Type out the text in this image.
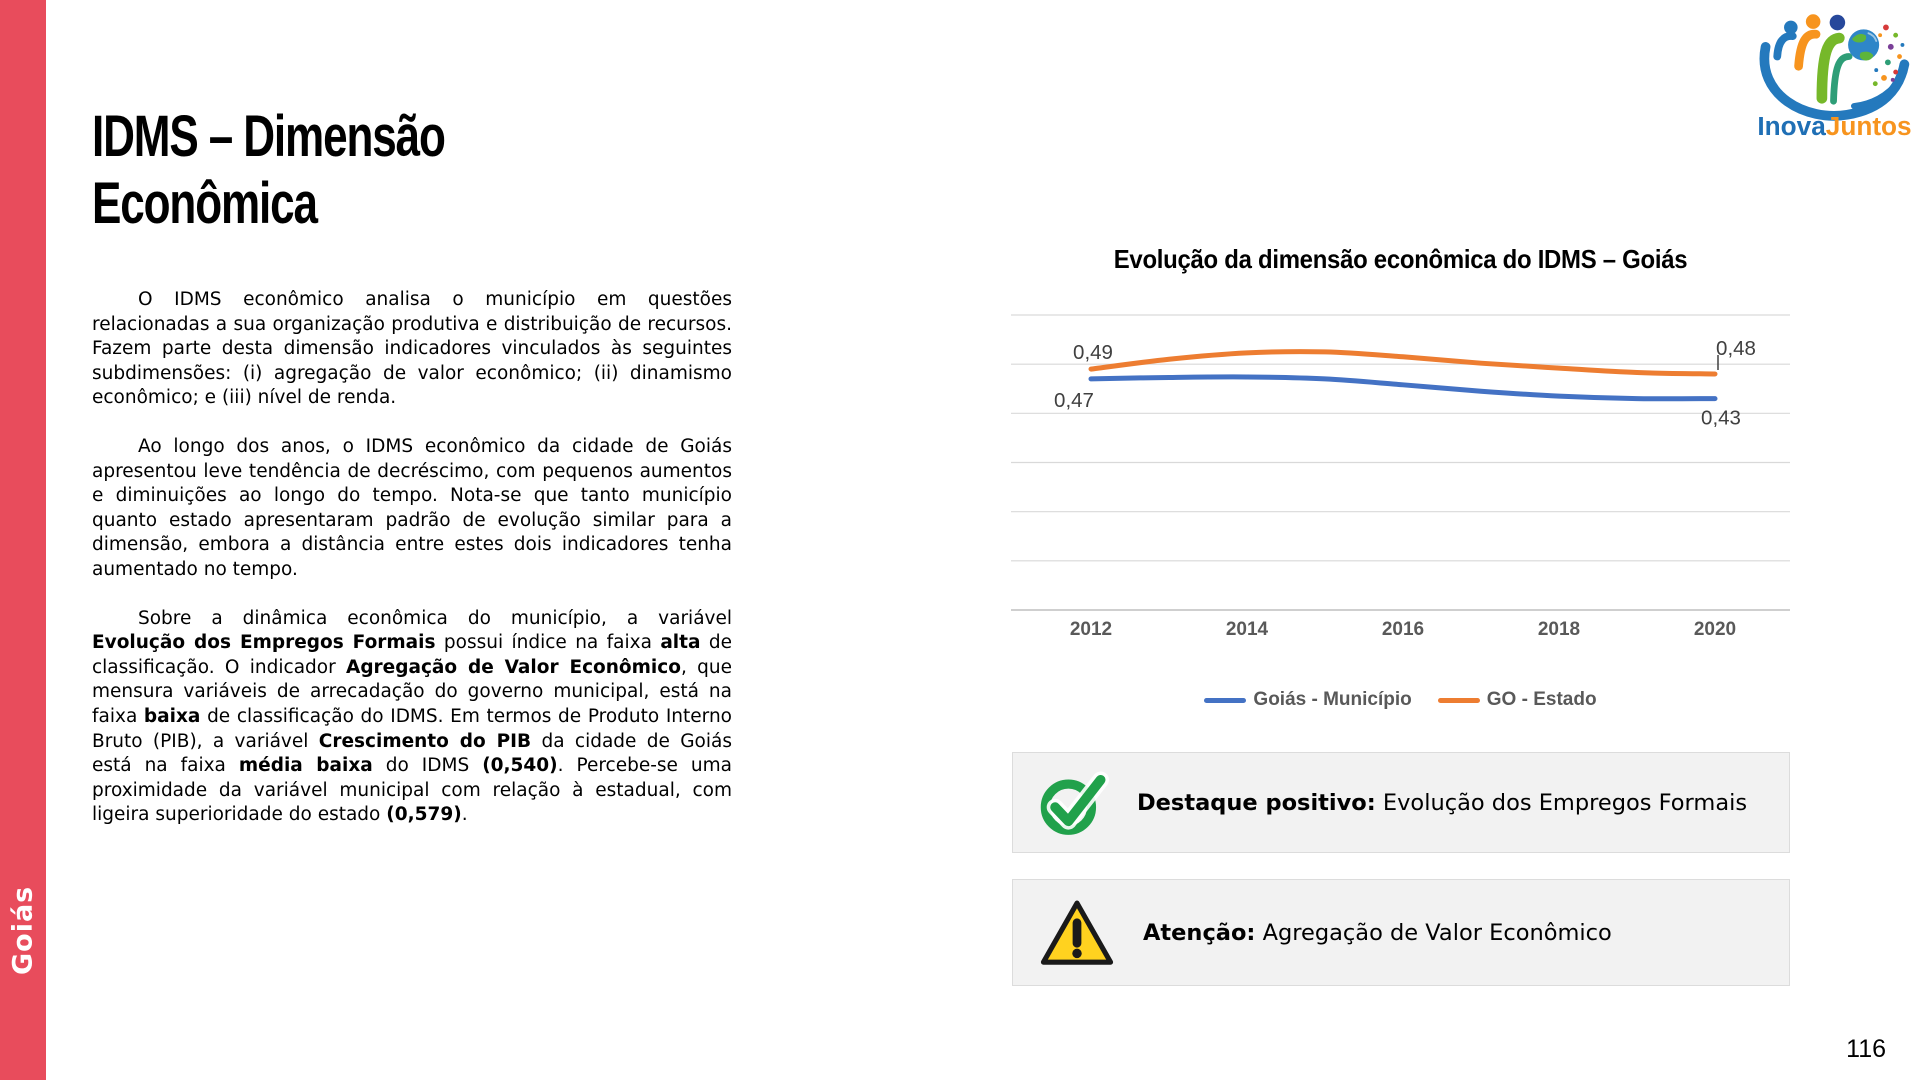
Goiás
InovaJuntos
IDMS – Dimensão
Econômica

O IDMS econômico analisa o município em questões relacionadas a sua organização produtiva e distribuição de recursos. Fazem parte desta dimensão indicadores vinculados às seguintes subdimensões: (i) agregação de valor econômico; (ii) dinamismo econômico; e (iii) nível de renda.

Ao longo dos anos, o IDMS econômico da cidade de Goiás apresentou leve tendência de decréscimo, com pequenos aumentos e diminuições ao longo do tempo. Nota-se que tanto município quanto estado apresentaram padrão de evolução similar para a dimensão, embora a distância entre estes dois indicadores tenha aumentado no tempo.

Sobre a dinâmica econômica do município, a variável Evolução dos Empregos Formais possui índice na faixa alta de classificação. O indicador Agregação de Valor Econômico, que mensura variáveis de arrecadação do governo municipal, está na faixa baixa de classificação do IDMS. Em termos de Produto Interno Bruto (PIB), a variável Crescimento do PIB da cidade de Goiás está na faixa média baixa do IDMS (0,540). Percebe-se uma proximidade da variável municipal com relação à estadual, com ligeira superioridade do estado (0,579).

Evolução da dimensão econômica do IDMS – Goiás
2012	2014	2016	2018	2020
0,49
0,47
0,48
0,43
Goiás - Município	GO - Estado
Destaque positivo: Evolução dos Empregos Formais
Atenção: Agregação de Valor Econômico
116
